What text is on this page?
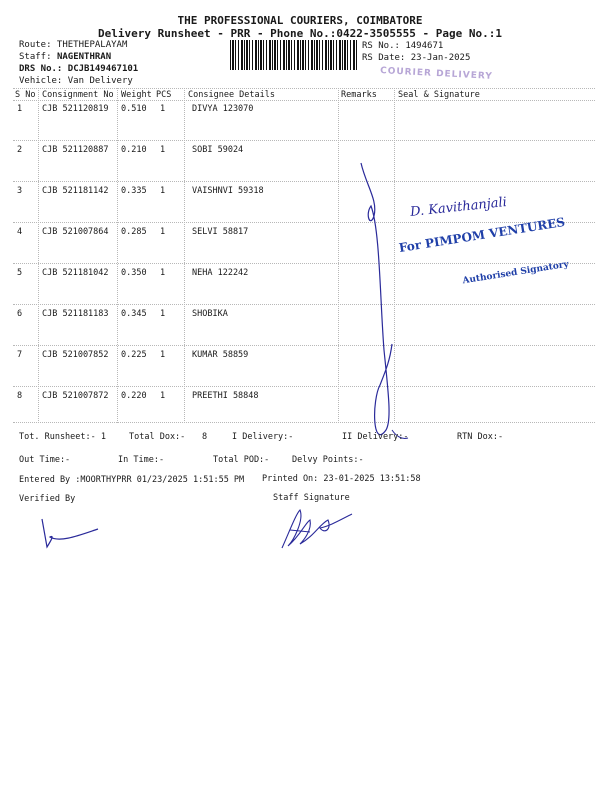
THE PROFESSIONAL COURIERS, COIMBATORE
Delivery Runsheet - PRR - Phone No.:0422-3505555 - Page No.:1
Route: THETHEPALAYAM
Staff: NAGENTHRAN
DRS No.: DCJB149467101
Vehicle: Van Delivery
RS No.: 1494671
RS Date: 23-Jan-2025
COURIER DELIVERY
S No Consignment No Weight PCS Consignee Details	Remarks Seal & Signature
1 CJB 521120819 0.510 1	DIVYA 123070
2 CJB 521120887 0.210 1	SOBI 59024
3 CJB 521181142 0.335 1	VAISHNVI 59318
4 CJB 521007864 0.285 1	SELVI 58817
5 CJB 521181042 0.350 1	NEHA 122242
6 CJB 521181183 0.345 1	SHOBIKA
7 CJB 521007852 0.225 1	KUMAR 58859
8 CJB 521007872 0.220 1	PREETHI 58848
D. Kavithanjali
For PIMPOM VENTURES
Authorised Signatory
Tot. Runsheet:- 1	Total Dox:- 8	I Delivery:-	II Delivery:-	RTN Dox:-
Out Time:-	In Time:-	Total POD:-	Delvy Points:-
Entered By :MOORTHYPRR 01/23/2025 1:51:55 PM Printed On: 23-01-2025 13:51:58
Verified By	Staff Signature
